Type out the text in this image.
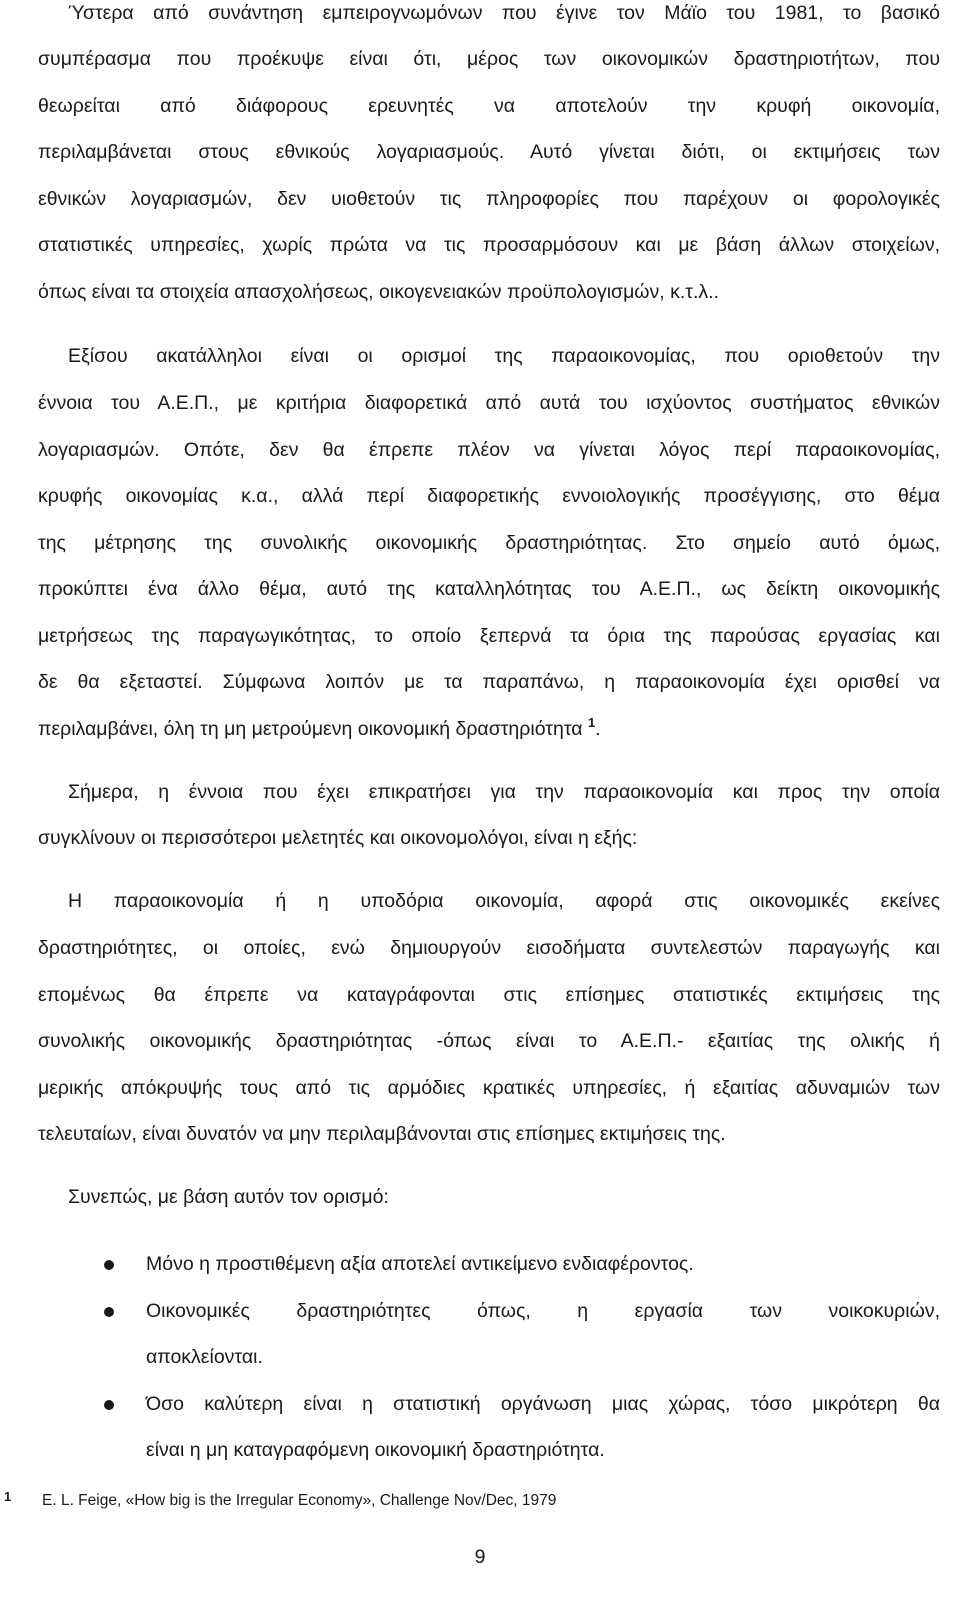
Ύστερα από συνάντηση εμπειρογνωμόνων που έγινε τον Μάϊο του 1981, το βασικό
συμπέρασμα που προέκυψε είναι ότι, μέρος των οικονομικών δραστηριοτήτων, που
θεωρείται από διάφορους ερευνητές να αποτελούν την κρυφή οικονομία,
περιλαμβάνεται στους εθνικούς λογαριασμούς. Αυτό γίνεται διότι, οι εκτιμήσεις των
εθνικών λογαριασμών, δεν υιοθετούν τις πληροφορίες που παρέχουν οι φορολογικές
στατιστικές υπηρεσίες, χωρίς πρώτα να τις προσαρμόσουν και με βάση άλλων στοιχείων,
όπως είναι τα στοιχεία απασχολήσεως, οικογενειακών προϋπολογισμών, κ.τ.λ..
Εξίσου ακατάλληλοι είναι οι ορισμοί της παραοικονομίας, που οριοθετούν την
έννοια του Α.Ε.Π., με κριτήρια διαφορετικά από αυτά του ισχύοντος συστήματος εθνικών
λογαριασμών. Οπότε, δεν θα έπρεπε πλέον να γίνεται λόγος περί παραοικονομίας,
κρυφής οικονομίας κ.α., αλλά περί διαφορετικής εννοιολογικής προσέγγισης, στο θέμα
της μέτρησης της συνολικής οικονομικής δραστηριότητας. Στο σημείο αυτό όμως,
προκύπτει ένα άλλο θέμα, αυτό της καταλληλότητας του Α.Ε.Π., ως δείκτη οικονομικής
μετρήσεως της παραγωγικότητας, το οποίο ξεπερνά τα όρια της παρούσας εργασίας και
δε θα εξεταστεί. Σύμφωνα λοιπόν με τα παραπάνω, η παραοικονομία έχει ορισθεί να
περιλαμβάνει, όλη τη μη μετρούμενη οικονομική δραστηριότητα $^1$.
Σήμερα, η έννοια που έχει επικρατήσει για την παραοικονομία και προς την οποία
συγκλίνουν οι περισσότεροι μελετητές και οικονομολόγοι, είναι η εξής:
Η παραοικονομία ή η υποδόρια οικονομία, αφορά στις οικονομικές εκείνες
δραστηριότητες, οι οποίες, ενώ δημιουργούν εισοδήματα συντελεστών παραγωγής και
επομένως θα έπρεπε να καταγράφονται στις επίσημες στατιστικές εκτιμήσεις της
συνολικής οικονομικής δραστηριότητας -όπως είναι το Α.Ε.Π.- εξαιτίας της ολικής ή
μερικής απόκρυψής τους από τις αρμόδιες κρατικές υπηρεσίες, ή εξαιτίας αδυναμιών των
τελευταίων, είναι δυνατόν να μην περιλαμβάνονται στις επίσημες εκτιμήσεις της.
Συνεπώς, με βάση αυτόν τον ορισμό:
Μόνο η προστιθέμενη αξία αποτελεί αντικείμενο ενδιαφέροντος.
Οικονομικές δραστηριότητες όπως, η εργασία των νοικοκυριών,
αποκλείονται.
Όσο καλύτερη είναι η στατιστική οργάνωση μιας χώρας, τόσο μικρότερη θα
είναι η μη καταγραφόμενη οικονομική δραστηριότητα.
1 E. L. Feige, «How big is the Irregular Economy», Challenge Nov/Dec, 1979
9
